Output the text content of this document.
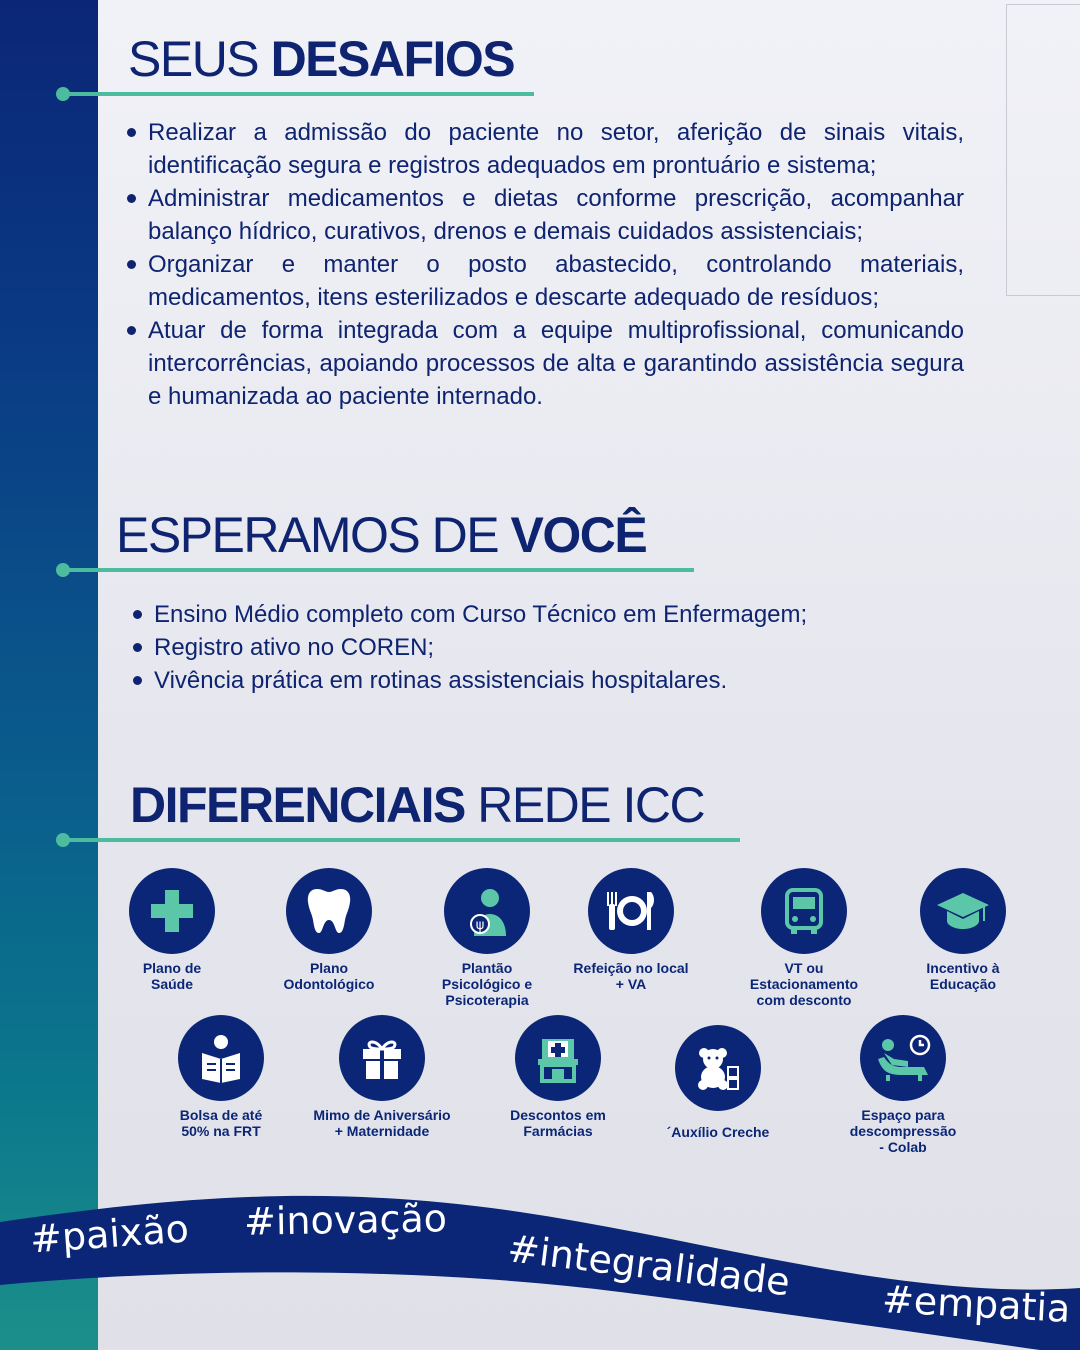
SEUS DESAFIOS
Realizar a admissão do paciente no setor, aferição de sinais vitais, identificação segura e registros adequados em prontuário e sistema;
Administrar medicamentos e dietas conforme prescrição, acompanhar balanço hídrico, curativos, drenos e demais cuidados assistenciais;
Organizar e manter o posto abastecido, controlando materiais, medicamentos, itens esterilizados e descarte adequado de resíduos;
Atuar de forma integrada com a equipe multiprofissional, comunicando intercorrências, apoiando processos de alta e garantindo assistência segura e humanizada ao paciente internado.
ESPERAMOS DE VOCÊ
Ensino Médio completo com Curso Técnico em Enfermagem;
Registro ativo no COREN;
Vivência prática em rotinas assistenciais hospitalares.
DIFERENCIAIS REDE ICC
Plano de
Saúde
Plano
Odontológico
ψ
Plantão
Psicológico e
Psicoterapia
Refeição no local
+ VA
VT ou
Estacionamento
com desconto
Incentivo à
Educação
Bolsa de até
50% na FRT
Mimo de Aniversário
+ Maternidade
Descontos em
Farmácias	´Auxílio Creche
Espaço para
descompressão
- Colab
#paixão #inovação
#integralidade #empatia
